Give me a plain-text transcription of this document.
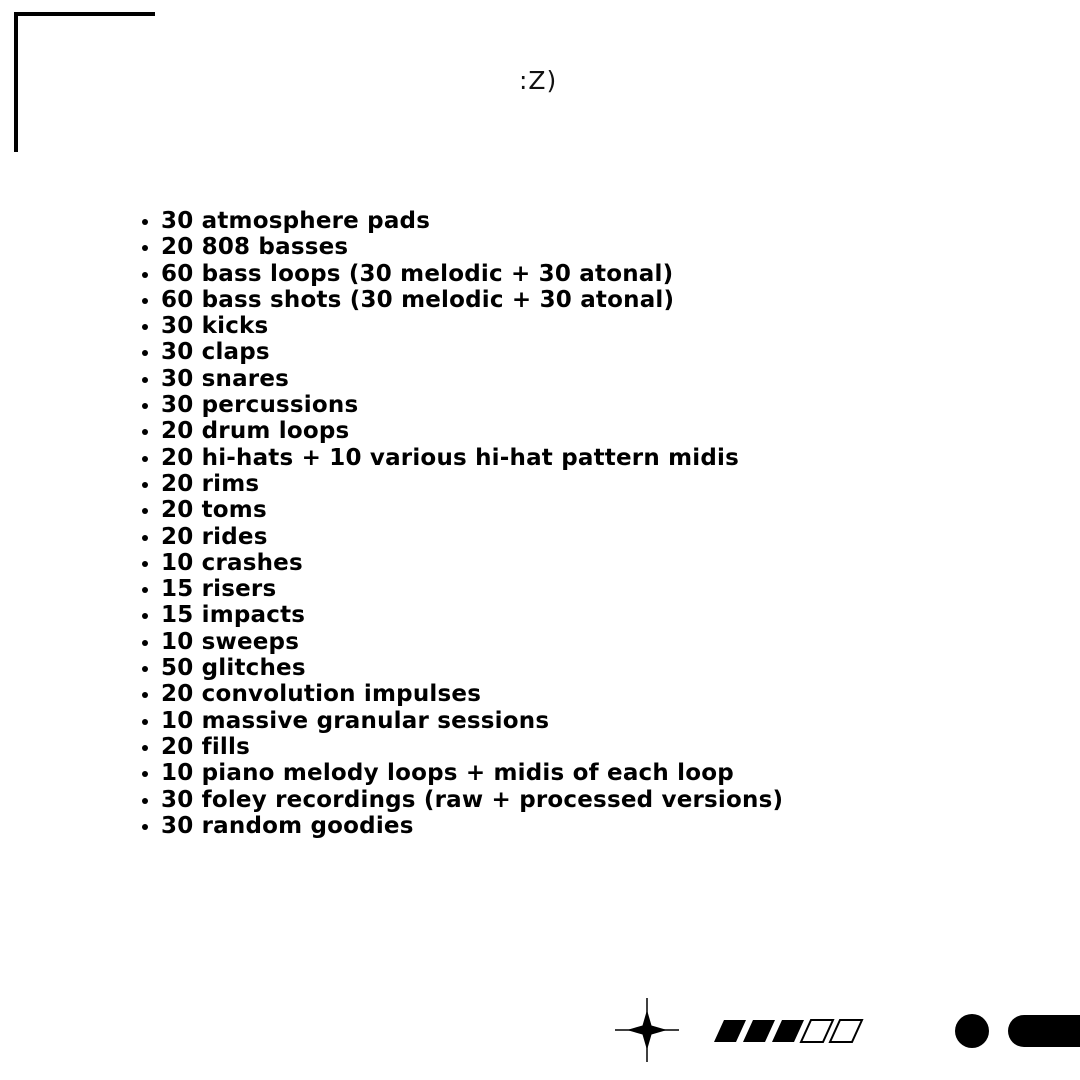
:Z)
• 30 atmosphere pads
• 20 808 basses
• 60 bass loops (30 melodic + 30 atonal)
• 60 bass shots (30 melodic + 30 atonal)
• 30 kicks
• 30 claps
• 30 snares
• 30 percussions
• 20 drum loops
• 20 hi-hats + 10 various hi-hat pattern midis
• 20 rims
• 20 toms
• 20 rides
• 10 crashes
• 15 risers
• 15 impacts
• 10 sweeps
• 50 glitches
• 20 convolution impulses
• 10 massive granular sessions
• 20 fills
• 10 piano melody loops + midis of each loop
• 30 foley recordings (raw + processed versions)
• 30 random goodies
